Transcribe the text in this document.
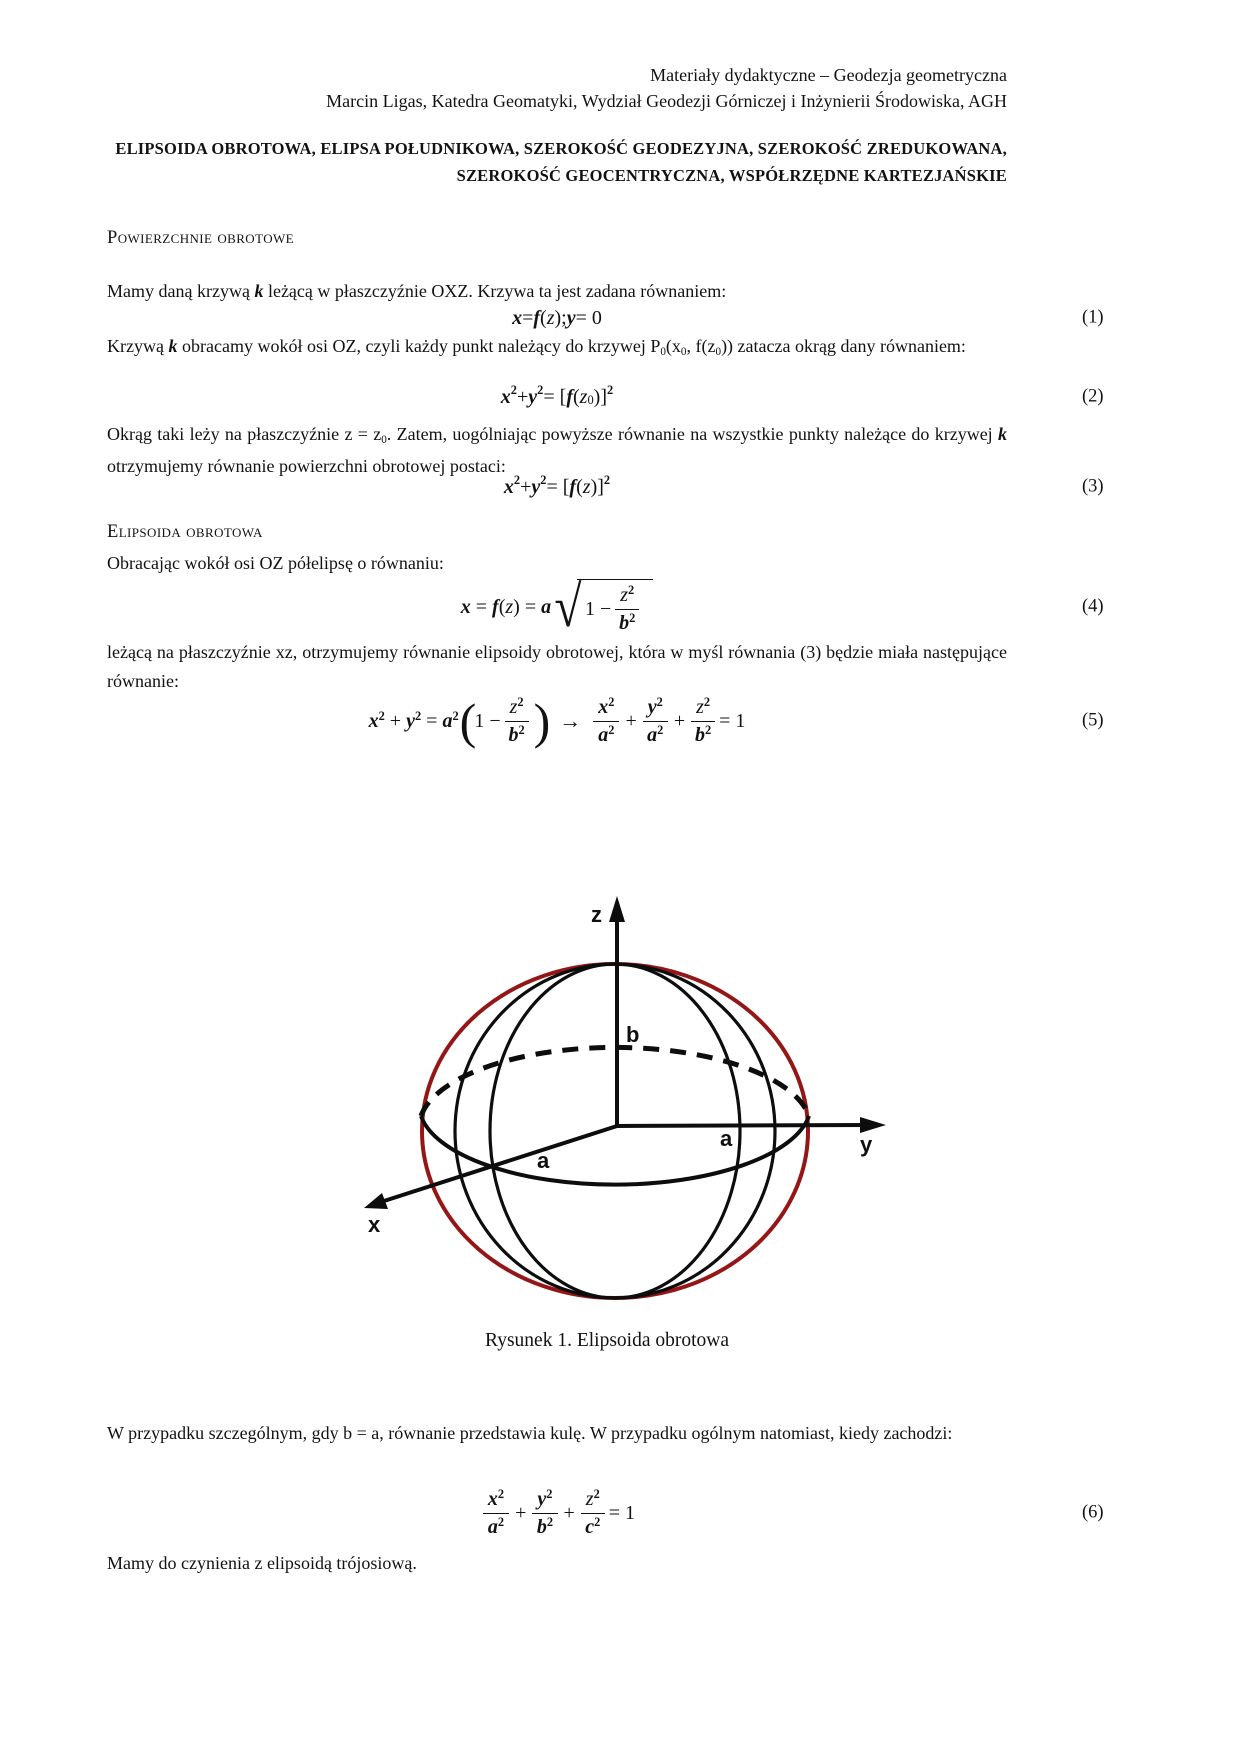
Materiały dydaktyczne – Geodezja geometryczna
Marcin Ligas, Katedra Geomatyki, Wydział Geodezji Górniczej i Inżynierii Środowiska, AGH
ELIPSOIDA OBROTOWA, ELIPSA POŁUDNIKOWA, SZEROKOŚĆ GEODEZYJNA, SZEROKOŚĆ ZREDUKOWANA,
SZEROKOŚĆ GEOCENTRYCZNA, WSPÓŁRZĘDNE KARTEZJAŃSKIE
Powierzchnie obrotowe

Mamy daną krzywą k leżącą w płaszczyźnie OXZ. Krzywa ta jest zadana równaniem:

x = f ( z ); y = 0	(1)

Krzywą k obracamy wokół osi OZ, czyli każdy punkt należący do krzywej P0(x0, f(z0)) zatacza okrąg dany równaniem:

x 2 + y 2 = [ f ( z 0 )] 2	(2)

Okrąg taki leży na płaszczyźnie z = z0. Zatem, uogólniając powyższe równanie na wszystkie punkty należące do krzywej k otrzymujemy równanie powierzchni obrotowej postaci:

x 2 + y 2 = [ f ( z )] 2	(3)
Elipsoida obrotowa

Obracając wokół osi OZ półelipsę o równaniu:

x = f(z) = a √ $1 - \frac{z^2}{b^2}$	(4)

leżącą na płaszczyźnie xz, otrzymujemy równanie elipsoidy obrotowej, która w myśl równania (3) będzie miała następujące równanie:

$x^2 + y^2 = a^2$ (
$1 - \frac{z^2}{b^2}$ ) → $\frac{x^2}{a^2} + \frac{y^2}{a^2} + \frac{z^2}{b^2} = 1$	(5)
z
y
x
b
a
a
Rysunek 1. Elipsoida obrotowa

W przypadku szczególnym, gdy b = a, równanie przedstawia kulę. W przypadku ogólnym natomiast, kiedy zachodzi:

$\frac{x^2}{a^2} + \frac{y^2}{b^2} + \frac{z^2}{c^2} = 1$	(6)

Mamy do czynienia z elipsoidą trójosiową.
